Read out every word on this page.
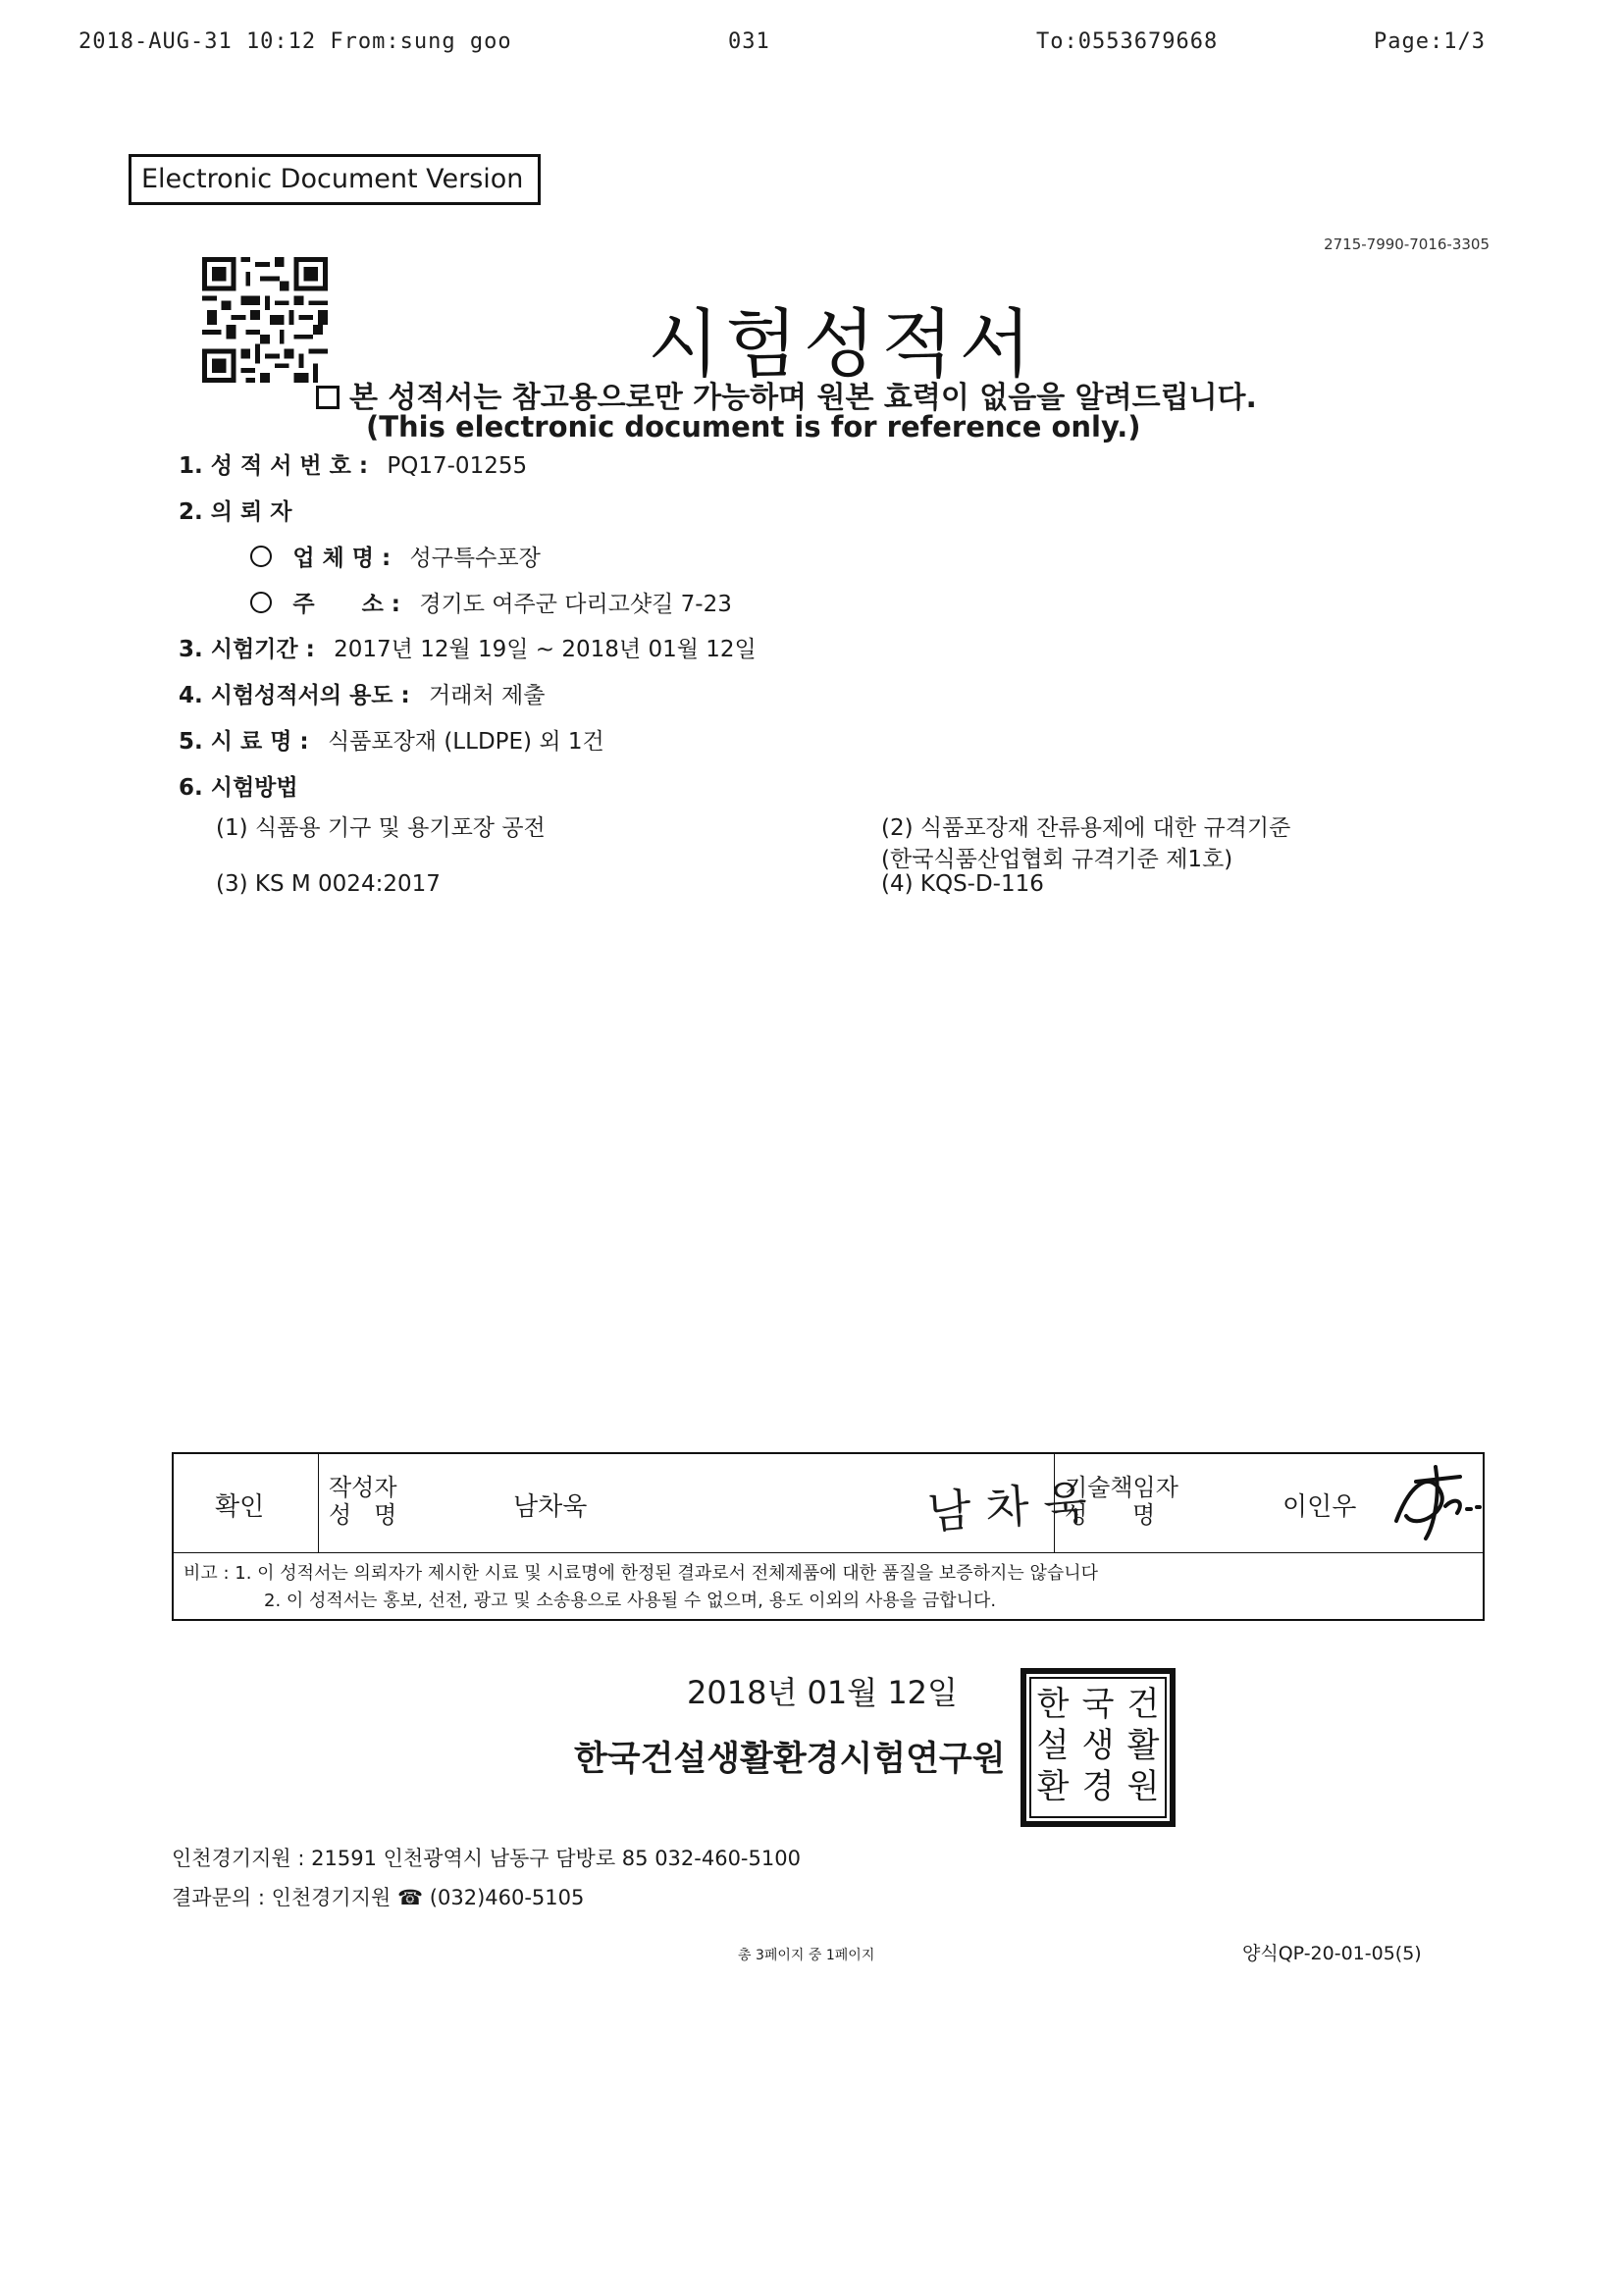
2018-AUG-31 10:12 From:sung goo	031	To:0553679668	Page:1/3
Electronic Document Version
2715-7990-7016-3305
시험성적서
본 성적서는 참고용으로만 가능하며 원본 효력이 없음을 알려드립니다.
(This electronic document is for reference only.)
1. 성 적 서 번 호 : PQ17-01255
2. 의 뢰 자
업 체 명 : 성구특수포장
주      소 : 경기도 여주군 다리고샷길 7-23
3. 시험기간 : 2017년 12월 19일 ~ 2018년 01월 12일
4. 시험성적서의 용도 : 거래처 제출
5. 시 료 명 : 식품포장재 (LLDPE) 외 1건
6. 시험방법
(1) 식품용 기구 및 용기포장 공전	(2) 식품포장재 잔류용제에 대한 규격기준
(한국식품산업협회 규격기준 제1호)
(3) KS M 0024:2017	(4) KQS-D-116
확인
작성자
성   명	남차욱	남 차 욱
기술책임자
성      명	이인우
비고 : 1. 이 성적서는 의뢰자가 제시한 시료 및 시료명에 한정된 결과로서 전체제품에 대한 품질을 보증하지는 않습니다
2. 이 성적서는 홍보, 선전, 광고 및 소송용으로 사용될 수 없으며, 용도 이외의 사용을 금합니다.
2018년 01월 12일
한국건설생활환경시험연구원
한 국 건
설 생 활
환 경 원
인천경기지원 : 21591 인천광역시 남동구 담방로 85 032-460-5100
결과문의 : 인천경기지원 ☎ (032)460-5105
총 3페이지 중 1페이지	양식QP-20-01-05(5)
